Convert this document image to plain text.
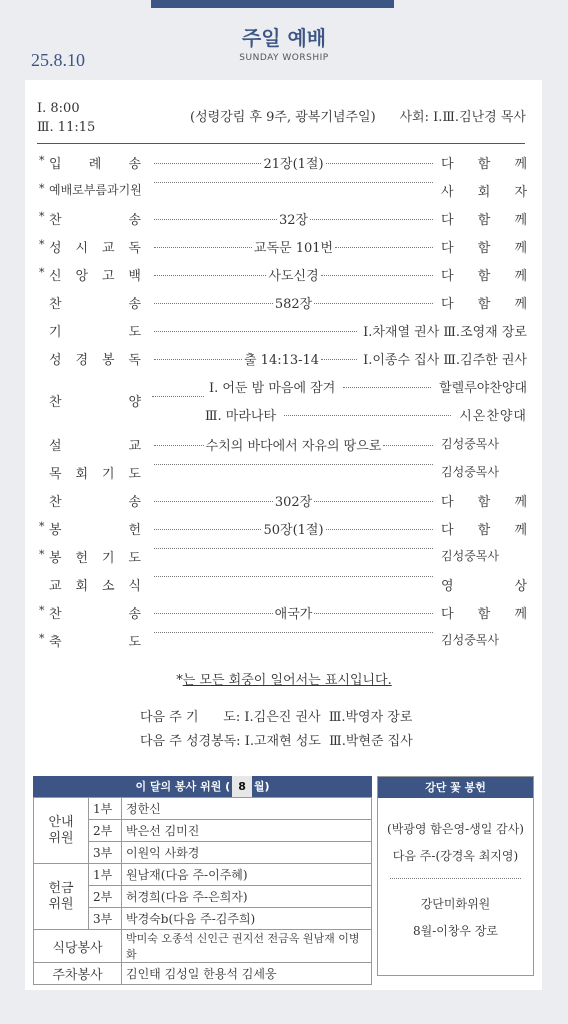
주일 예배
SUNDAY WORSHIP
25.8.10
Ⅰ. 8:00
Ⅲ. 11:15
(성령강림 후 9주, 광복기념주일) 사회: Ⅰ.Ⅲ.김난경 목사
* 입 례 송	21장(1절)	다 함 께
* 예 배 로 부 름 과 기 원	사 회 자
* 찬	송	32장	다 함 께
* 성 시 교 독	교독문 101번	다 함 께
* 신 앙 고 백	사도신경	다 함 께
찬	송	582장	다 함 께
기	도	Ⅰ.차재열 권사 Ⅲ.조영재 장로
성 경 봉 독	출 14:13-14	Ⅰ.이종수 집사 Ⅲ.김주한 권사
찬	양
Ⅰ. 어둔 밤 마음에 잠겨	할렐루야찬양대
Ⅲ. 마라나타	시온찬양대
설	교	수치의 바다에서 자유의 땅으로	김 성 중 목 사
목 회 기 도	김 성 중 목 사
찬	송	302장	다 함 께
* 봉	헌	50장(1절)	다 함 께
* 봉 헌 기 도	김 성 중 목 사
교 회 소 식	영	상
* 찬	송	애국가	다 함 께
* 축	도	김 성 중 목 사
*는 모든 회중이 일어서는 표시입니다.
다음 주 기      도: Ⅰ.김은진 권사  Ⅲ.박영자 장로
다음 주 성경봉독: Ⅰ.고재현 성도  Ⅲ.박현준 집사
이 달의 봉사 위원 ( 8 월)
안내
위원	1부	정한신
	2부	박은선 김미진
	3부	이원익 사화경
헌금
위원	1부	원남재(다음 주-이주혜)
	2부	허경희(다음 주-은희자)
	3부	박경숙b(다음 주-김주희)
식당봉사		박미숙 오종석 신인근 권지선 전금옥 원남재 이병화
주차봉사		김인태 김성일 한용석 김세웅
강단 꽃 봉헌
(박광영 함은영-생일 감사)
다음 주-(강경옥 최지영)
강단미화위원
8월-이창우 장로
